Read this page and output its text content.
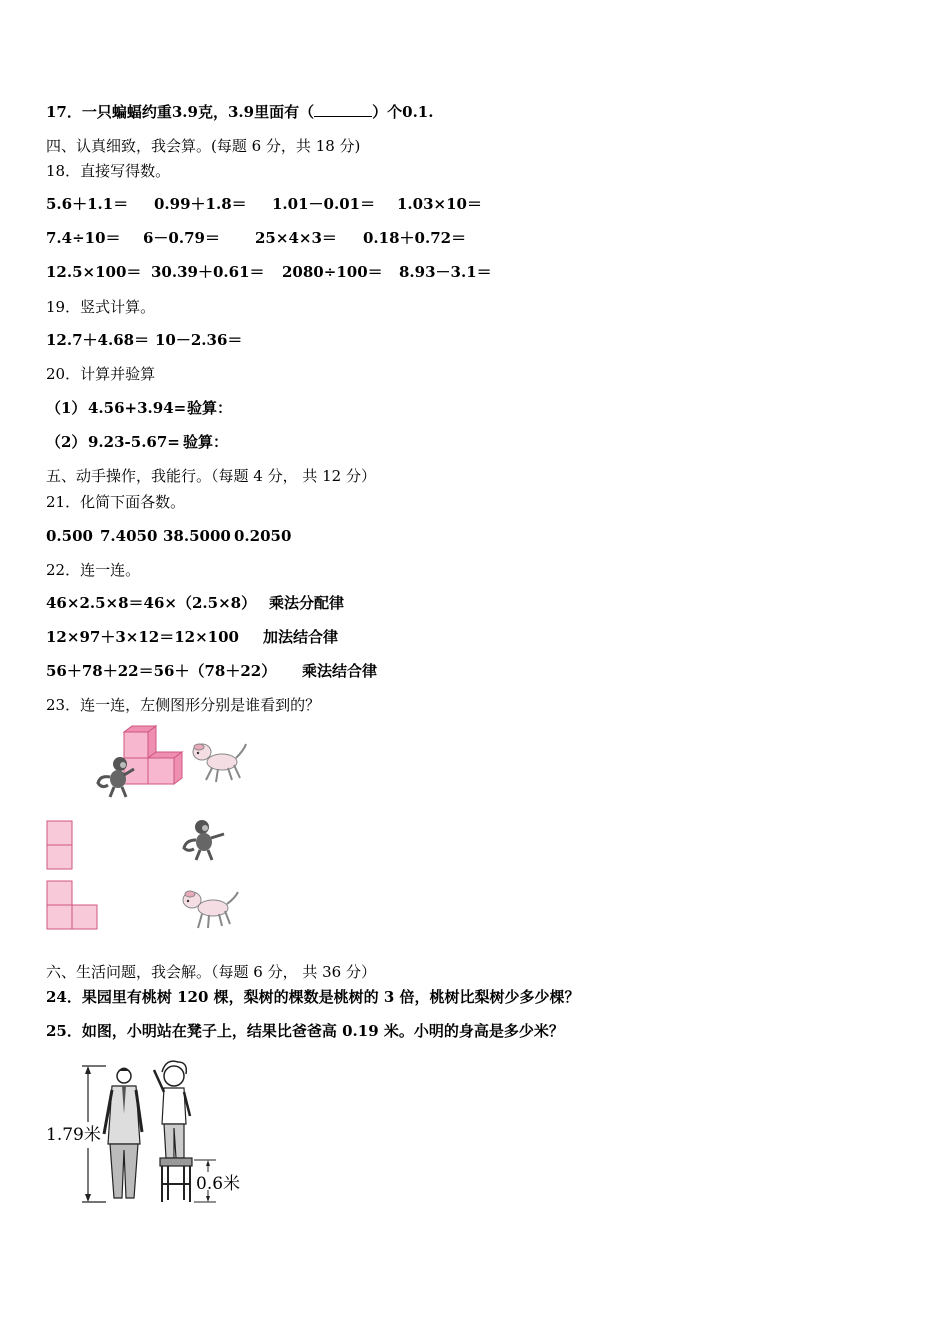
17．一只蝙蝠约重3.9克，3.9里面有（	）个0.1.
四、认真细致，我会算。(每题 6 分，共 18 分)
18．直接写得数。
5.6＋1.1＝ 0.99＋1.8＝ 1.01－0.01＝ 1.03×10＝
7.4÷10＝ 6－0.79＝ 25×4×3＝ 0.18＋0.72＝
12.5×100＝ 30.39＋0.61＝ 2080÷100＝ 8.93－3.1＝
19．竖式计算。
12.7＋4.68＝ 10－2.36＝
20．计算并验算
（1） 4.56+3.94= 验算：
（2） 9.23-5.67= 验算：
五、动手操作，我能行。（每题 4 分， 共 12 分）
21．化简下面各数。
0.500 7.4050 38.5000 0.2050
22．连一连。
46×2.5×8＝46×（2.5×8） 乘法分配律
12×97＋3×12＝12×100 加法结合律
56＋78＋22＝56＋（78＋22） 乘法结合律
23．连一连，左侧图形分别是谁看到的？
六、生活问题，我会解。（每题 6 分， 共 36 分）
24．果园里有桃树 120 棵，梨树的棵数是桃树的 3 倍，桃树比梨树少多少棵？
25．如图，小明站在凳子上，结果比爸爸高 0.19 米。小明的身高是多少米？
1.79米
0.6米
